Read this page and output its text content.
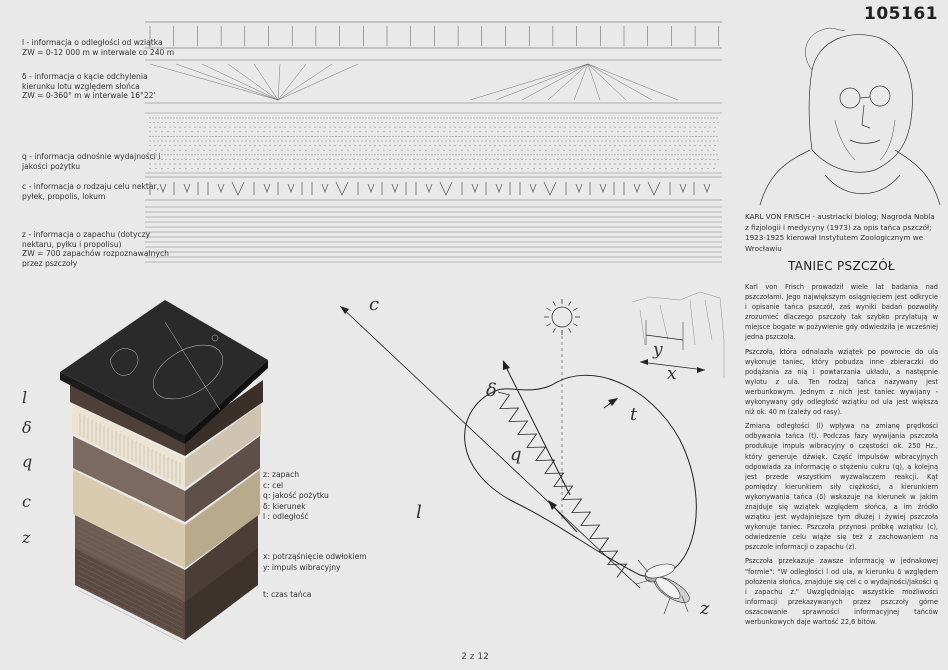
105161
l - informacja o odległości od wziątka
ZW = 0-12 000 m w interwale co 240 m
δ - informacja o kącie odchylenia
kierunku lotu względem słońca
ZW = 0-360° m w interwale 16°22'
q - informacja odnośnie wydajności i
jakości pożytku
c - informacja o rodzaju celu nektar,
pyłek, propolis, lokum
z - informacja o zapachu (dotyczy
nektaru, pyłku i propolisu)
ZW = 700 zapachów rozpoznawalnych
przez pszczoły
KARL VON FRISCH - austriacki biolog; Nagroda Nobla z fizjologii i medycyny (1973) za opis tańca pszczół; 1923-1925 kierował Instytutem Zoologicznym we Wrocławiu
TANIEC PSZCZÓŁ

Karl von Frisch prowadził wiele lat badania nad pszczołami. Jego największym osiągnięciem jest odkrycie i opisanie tańca pszczół, zaś wyniki badań pozwoliły zrozumieć dlaczego pszczoły tak szybko przylatują w miejsce bogate w pożywienie gdy odwiedziła je wcześniej jedna pszczoła.

Pszczoła, która odnalazła wziątek po powrocie do ula wykonuje taniec, który pobudza inne zbieraczki do podążania za nią i powtarzania układu, a następnie wylotu z ula. Ten rodzaj tańca nazywany jest werbunkowym. Jednym z nich jest taniec wywijany - wykonywany gdy odległość wziątku od ula jest większa niż ok. 40 m (zależy od rasy).

Zmiana odległości (l) wpływa na zmianę prędkości odbywania tańca (t). Podczas fazy wywijania pszczoła produkuje impuls wibracyjny o częstości ok. 250 Hz., który generuje dźwięk. Część impulsów wibracyjnych odpowiada za informację o stężeniu cukru (q), a kolejną jest przede wszystkim wyzwalaczem reakcji. Kąt pomiędzy kierunkiem siły ciężkości, a kierunkiem wykonywania tańca (δ) wskazuje na kierunek w jakim znajduje się wziątek względem słońca, a im źródło wziątku jest wydajniejsze tym dłużej i żywiej pszczoła wykonuje taniec. Pszczoła przynosi próbkę wziątku (c), odwiedzenie celu wiąże się też z zachowaniem na pszczole informacji o zapachu (z).

Pszczoła przekazuje zawsze informację w jednakowej "formie": "W odległości l od ula, w kierunku δ względem położenia słońca, znajduje się cel c o wydajności/jakości q i zapachu z." Uwzględniając wszystkie możliwości informacji przekazywanych przez pszczoły górne oszacowanie sprawności informacyjnej tańców werbunkowych daje wartość 22,6 bitów.

l
δ
q
c
z
z: zapach
c: cel
q: jakość pożytku
δ: kierunek
l : odległość
x: potrząśnięcie odwłokiem
y: impuls wibracyjny
t: czas tańca
c
δ
q
t
l
z
x
y
2 z 12
